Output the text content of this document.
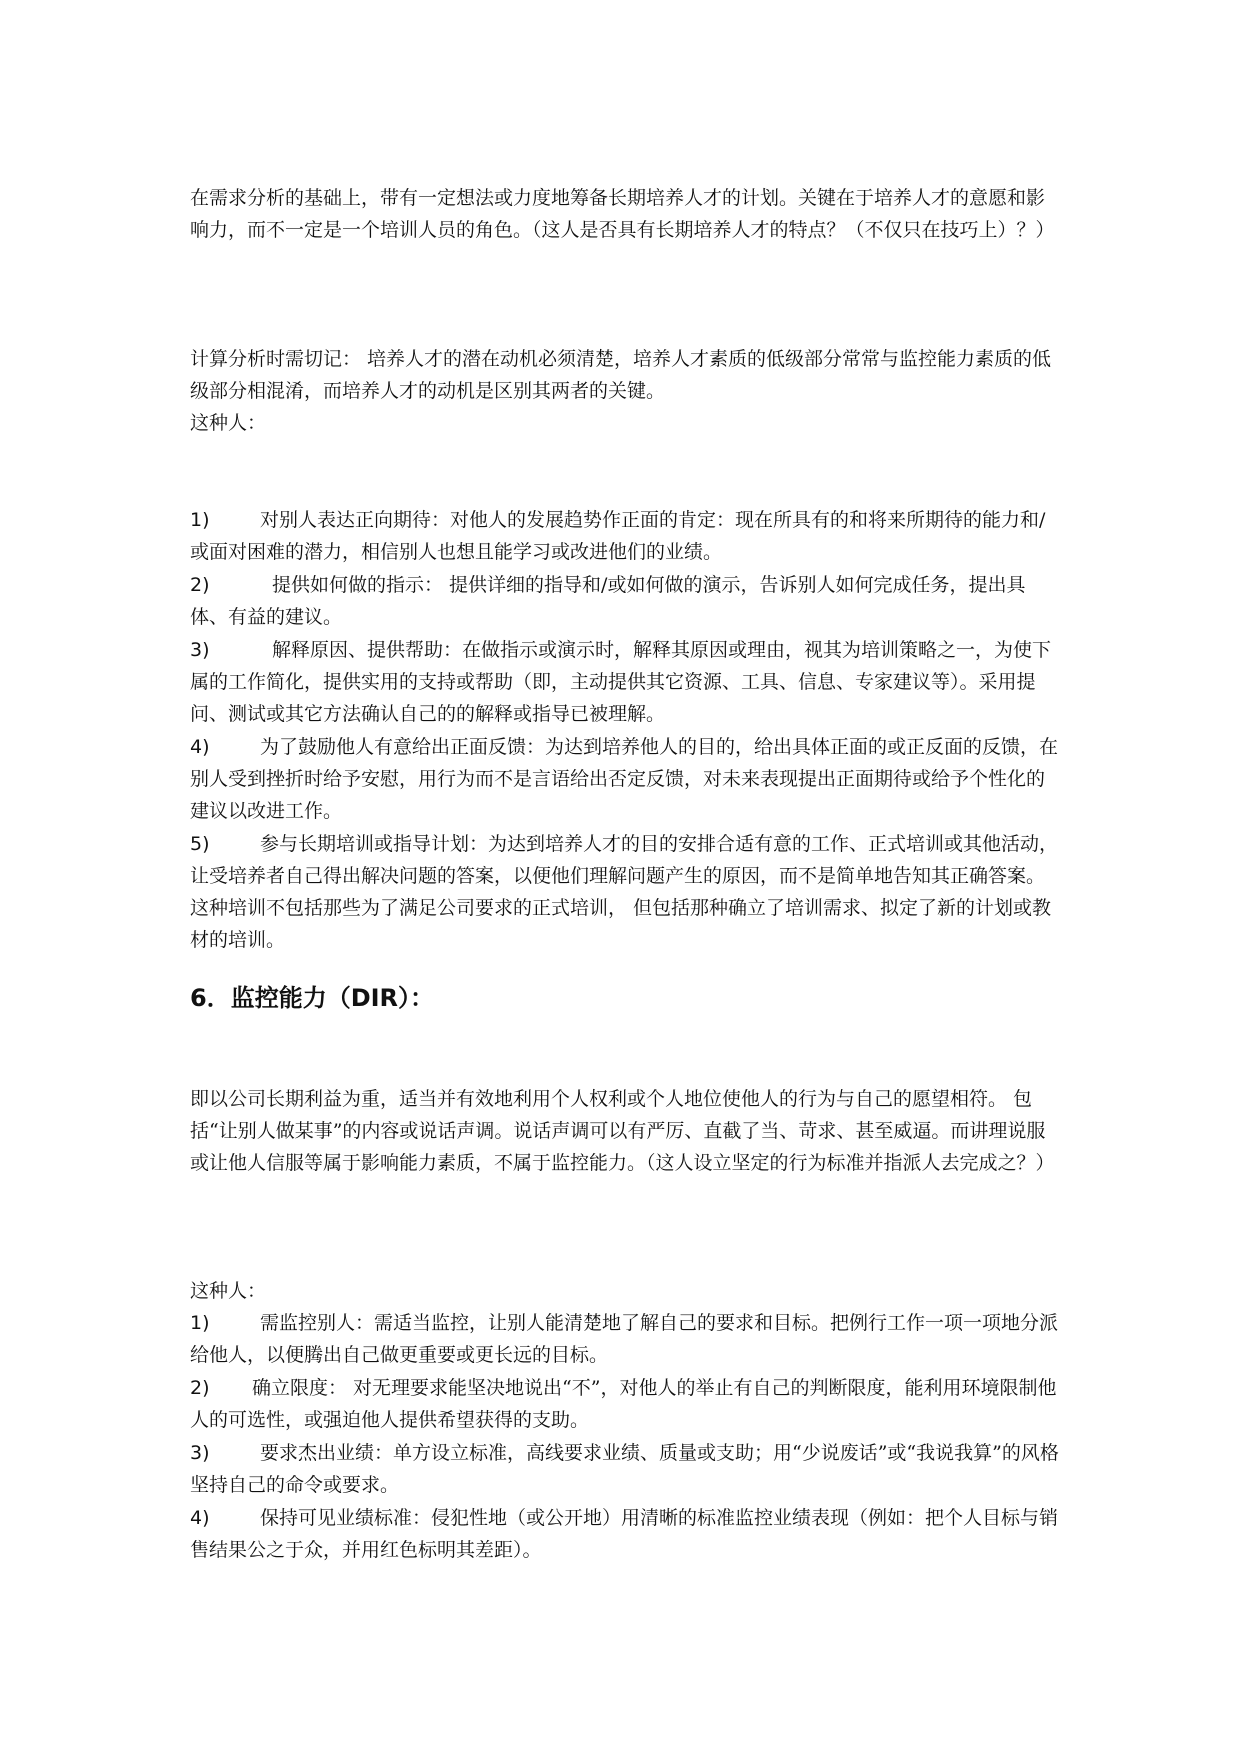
在需求分析的基础上，带有一定想法或力度地筹备长期培养人才的计划。关键在于培养人才的意愿和影响力，而不一定是一个培训人员的角色。（这人是否具有长期培养人才的特点？（不仅只在技巧上）？）

计算分析时需切记： 培养人才的潜在动机必须清楚，培养人才素质的低级部分常常与监控能力素质的低级部分相混淆，而培养人才的动机是区别其两者的关键。

这种人：

1)	对别人表达正向期待：对他人的发展趋势作正面的肯定：现在所具有的和将来所期待的能力和/或面对困难的潜力，相信别人也想且能学习或改进他们的业绩。
2)	提供如何做的指示： 提供详细的指导和/或如何做的演示，告诉别人如何完成任务，提出具体、有益的建议。
3)	解释原因、提供帮助：在做指示或演示时，解释其原因或理由，视其为培训策略之一，为使下属的工作简化，提供实用的支持或帮助（即，主动提供其它资源、工具、信息、专家建议等）。采用提问、测试或其它方法确认自己的的解释或指导已被理解。
4)	为了鼓励他人有意给出正面反馈：为达到培养他人的目的，给出具体正面的或正反面的反馈，在别人受到挫折时给予安慰，用行为而不是言语给出否定反馈，对未来表现提出正面期待或给予个性化的建议以改进工作。
5)	参与长期培训或指导计划：为达到培养人才的目的安排合适有意的工作、正式培训或其他活动，让受培养者自己得出解决问题的答案，以便他们理解问题产生的原因，而不是简单地告知其正确答案。这种培训不包括那些为了满足公司要求的正式培训， 但包括那种确立了培训需求、拟定了新的计划或教材的培训。
6．监控能力（DIR）：

即以公司长期利益为重，适当并有效地利用个人权利或个人地位使他人的行为与自己的愿望相符。 包括“让别人做某事”的内容或说话声调。说话声调可以有严厉、直截了当、苛求、甚至威逼。而讲理说服或让他人信服等属于影响能力素质，不属于监控能力。（这人设立坚定的行为标准并指派人去完成之？）

这种人：

1)	需监控别人：需适当监控，让别人能清楚地了解自己的要求和目标。把例行工作一项一项地分派给他人，以便腾出自己做更重要或更长远的目标。
2) 确立限度： 对无理要求能坚决地说出“不”，对他人的举止有自己的判断限度，能利用环境限制他人的可选性，或强迫他人提供希望获得的支助。
3)	要求杰出业绩：单方设立标准，高线要求业绩、质量或支助；用“少说废话”或“我说我算”的风格坚持自己的命令或要求。
4)	保持可见业绩标准：侵犯性地（或公开地）用清晰的标准监控业绩表现（例如：把个人目标与销售结果公之于众，并用红色标明其差距）。
